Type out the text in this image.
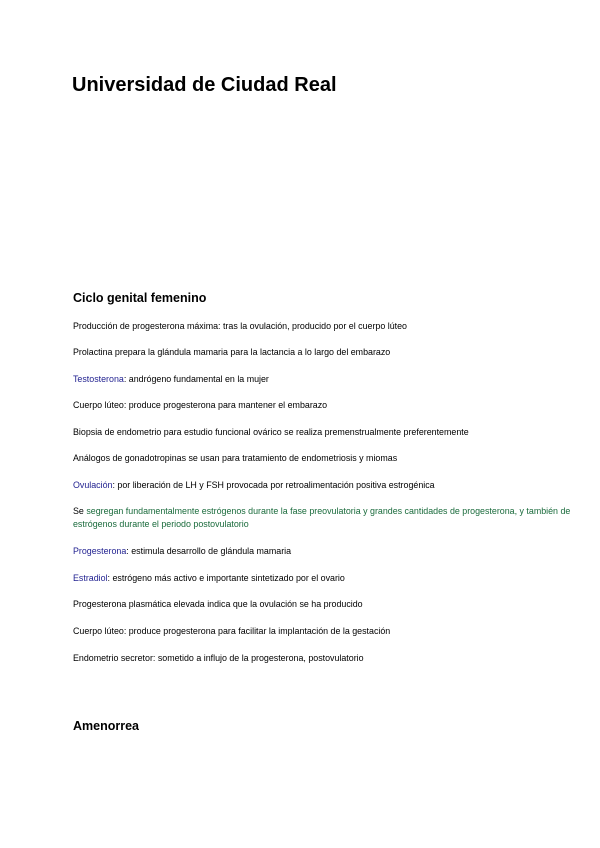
Universidad de Ciudad Real
Ciclo genital femenino
Producción de progesterona máxima: tras la ovulación, producido por el cuerpo lúteo
Prolactina prepara la glándula mamaria para la lactancia a lo largo del embarazo
Testosterona: andrógeno fundamental en la mujer
Cuerpo lúteo: produce progesterona para mantener el embarazo
Biopsia de endometrio para estudio funcional ovárico se realiza premenstrualmente preferentemente
Análogos de gonadotropinas se usan para tratamiento de endometriosis y miomas
Ovulación: por liberación de LH y FSH provocada por retroalimentación positiva estrogénica
Se segregan fundamentalmente estrógenos durante la fase preovulatoria y grandes cantidades de progesterona, y también de estrógenos durante el periodo postovulatorio
Progesterona: estimula desarrollo de glándula mamaria
Estradiol: estrógeno más activo e importante sintetizado por el ovario
Progesterona plasmática elevada indica que la ovulación se ha producido
Cuerpo lúteo: produce progesterona para facilitar la implantación de la gestación
Endometrio secretor: sometido a influjo de la progesterona, postovulatorio
Amenorrea
